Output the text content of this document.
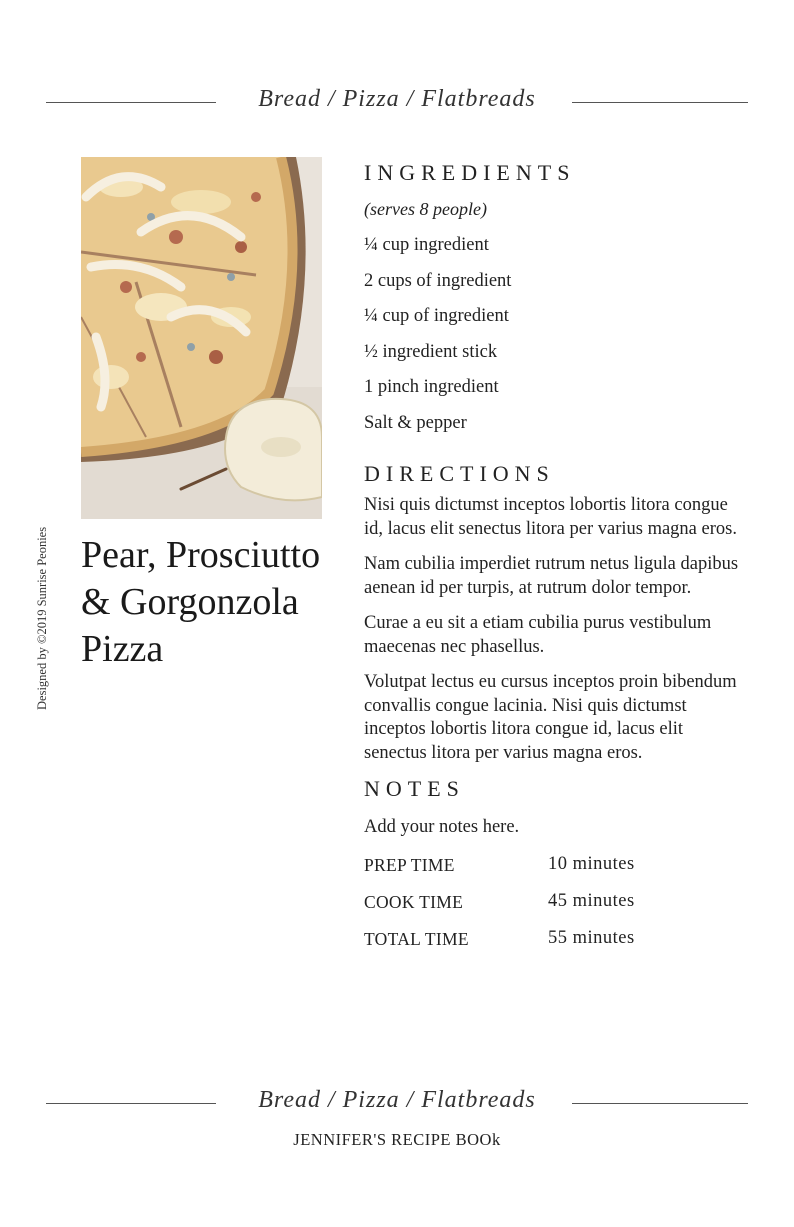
Bread / Pizza / Flatbreads
Designed by ©2019 Sunrise Peonies Pear, Prosciutto & Gorgonzola Pizza
INGREDIENTS
(serves 8 people)
¼ cup ingredient
2 cups of ingredient
¼ cup of ingredient
½ ingredient stick
1 pinch ingredient
Salt & pepper
DIRECTIONS

Nisi quis dictumst inceptos lobortis litora congue id, lacus elit senectus litora per varius magna eros.

Nam cubilia imperdiet rutrum netus ligula dapibus aenean id per turpis, at rutrum dolor tempor.

Curae a eu sit a etiam cubilia purus vestibulum maecenas nec phasellus.

Volutpat lectus eu cursus inceptos proin bibendum convallis congue lacinia. Nisi quis dictumst inceptos lobortis litora congue id, lacus elit senectus litora per varius magna eros.

NOTES
Add your notes here.
PREP TIME	10 minutes
COOK TIME	45 minutes
TOTAL TIME	55 minutes
Bread / Pizza / Flatbreads
JENNIFER'S RECIPE BOOk
